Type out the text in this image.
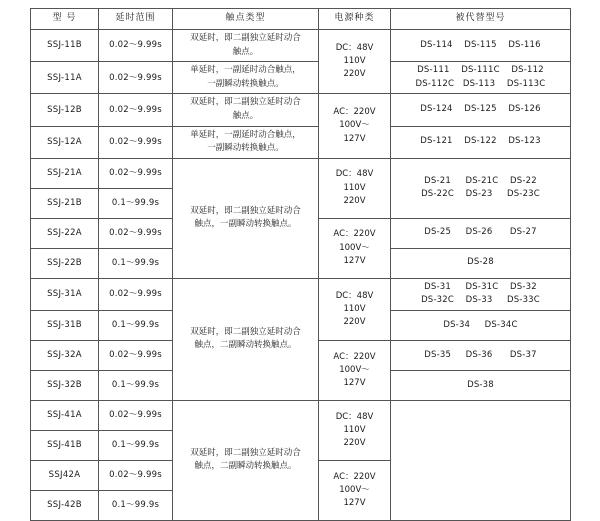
型 号	延时范围	触点类型	电源种类	被代替型号
SSJ-11B	0.02～9.99s	双延时，即二副独立延时动合
触点。	DC：48V
110V
220V	DS-114    DS-115    DS-116

SSJ-11A	0.02～9.99s	单延时，一副延时动合触点，
一副瞬动转换触点。		DS-111    DS-111C    DS-112
DS-112C   DS-113    DS-113C

SSJ-12B	0.02～9.99s	双延时，即二副独立延时动合
触点。	AC：220V
100V～
127V	DS-124    DS-125    DS-126

SSJ-12A	0.02～9.99s	单延时，一副延时动合触点，
一副瞬动转换触点。		DS-121    DS-122    DS-123

SSJ-21A	0.02～9.99s	双延时，即二副独立延时动合
触点，一副瞬动转换触点。	DC：48V
110V
220V	DS-21     DS-21C    DS-22
DS-22C    DS-23     DS-23C

SSJ-21B	0.1～99.9s			
SSJ-22A	0.02～9.99s		AC：220V
100V～
127V	DS-25     DS-26      DS-27

SSJ-22B	0.1～99.9s			DS-28

SSJ-31A	0.02～9.99s	双延时，即二副独立延时动合
触点，二副瞬动转换触点。	DC：48V
110V
220V	DS-31     DS-31C    DS-32
DS-32C    DS-33     DS-33C

SSJ-31B	0.1～99.9s			DS-34     DS-34C

SSJ-32A	0.02～9.99s		AC：220V
100V～
127V	DS-35     DS-36      DS-37

SSJ-32B	0.1～99.9s			DS-38

SSJ-41A	0.02～9.99s	双延时，即二副独立延时动合
触点，二副瞬动转换触点。	DC：48V
110V
220V	

SSJ-41B	0.1～99.9s			
SSJ42A	0.02～9.99s		AC：220V
100V～
127V	

SSJ-42B	0.1～99.9s			
